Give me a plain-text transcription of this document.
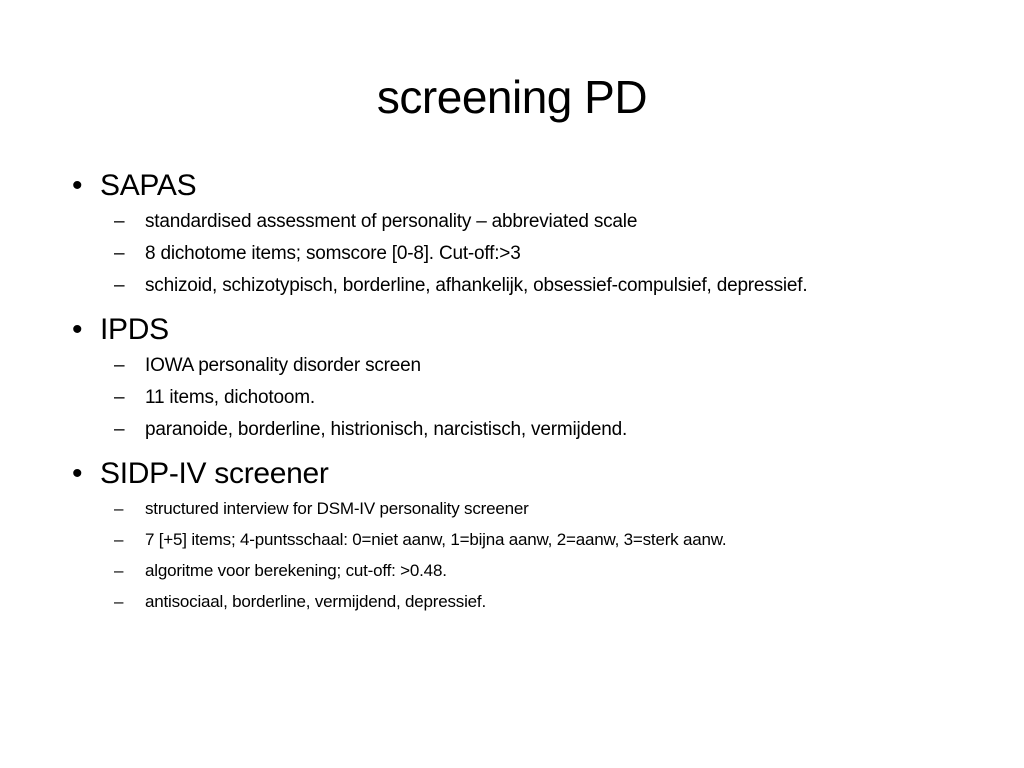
screening PD
• SAPAS
– standardised assessment of personality – abbreviated scale
– 8 dichotome items; somscore [0-8]. Cut-off:>3
– schizoid, schizotypisch, borderline, afhankelijk, obsessief-compulsief, depressief.
• IPDS
– IOWA personality disorder screen
– 11 items, dichotoom.
– paranoide, borderline, histrionisch, narcistisch, vermijdend.
• SIDP-IV screener
– structured interview for DSM-IV personality screener
– 7 [+5] items; 4-puntsschaal: 0=niet aanw, 1=bijna aanw, 2=aanw, 3=sterk aanw.
– algoritme voor berekening; cut-off: >0.48.
– antisociaal, borderline, vermijdend, depressief.
